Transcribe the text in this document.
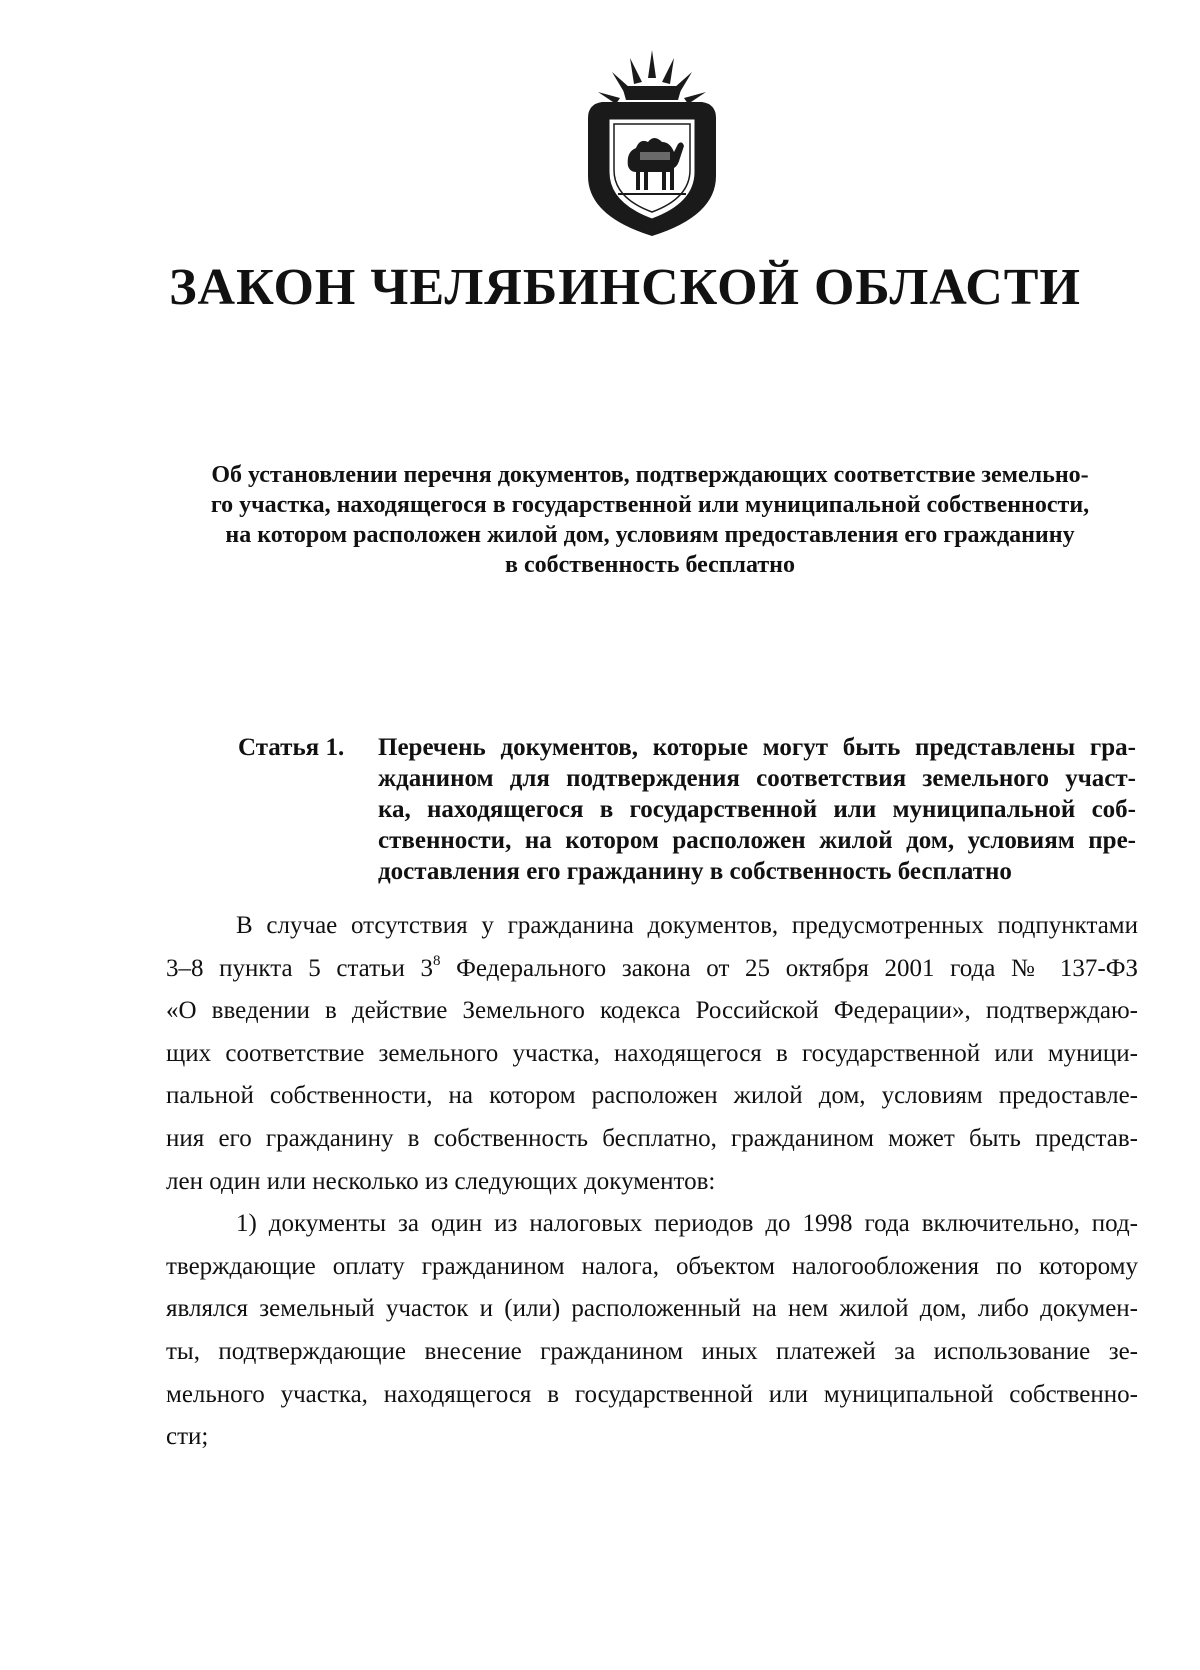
ЗАКОН ЧЕЛЯБИНСКОЙ ОБЛАСТИ
Об установлении перечня документов, подтверждающих соответствие земельно-
го участка, находящегося в государственной или муниципальной собственности,
на котором расположен жилой дом, условиям предоставления его гражданину
в собственность бесплатно
Статья 1. Перечень документов, которые могут быть представлены гра-
жданином для подтверждения соответствия земельного участ-
ка, находящегося в государственной или муниципальной соб-
ственности, на котором расположен жилой дом, условиям пре-
доставления его гражданину в собственность бесплатно
В случае отсутствия у гражданина документов, предусмотренных подпунктами
3–8 пункта 5 статьи $3^8$ Федерального закона от 25 октября 2001 года № 137-ФЗ
«О введении в действие Земельного кодекса Российской Федерации», подтверждаю-
щих соответствие земельного участка, находящегося в государственной или муници-
пальной собственности, на котором расположен жилой дом, условиям предоставле-
ния его гражданину в собственность бесплатно, гражданином может быть представ-
лен один или несколько из следующих документов:
1) документы за один из налоговых периодов до 1998 года включительно, под-
тверждающие оплату гражданином налога, объектом налогообложения по которому
являлся земельный участок и (или) расположенный на нем жилой дом, либо докумен-
ты, подтверждающие внесение гражданином иных платежей за использование зе-
мельного участка, находящегося в государственной или муниципальной собственно-
сти;
